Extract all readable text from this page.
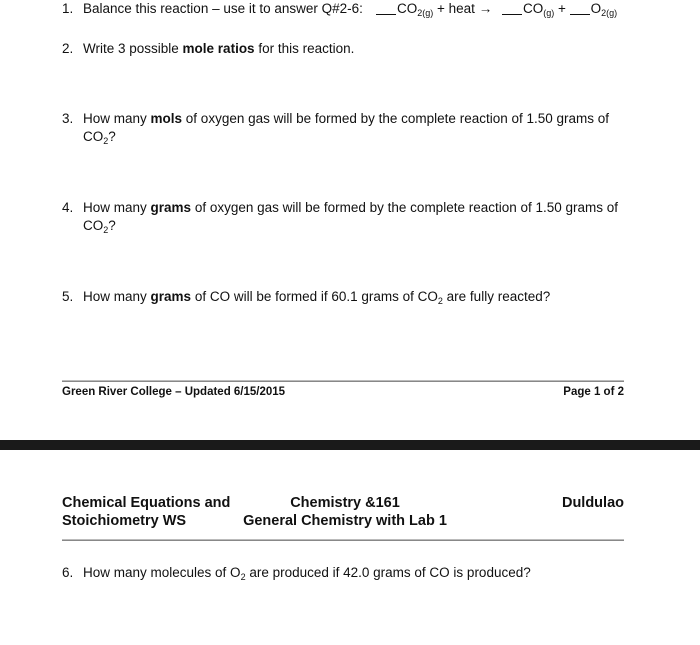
1. Balance this reaction – use it to answer Q#2-6:	$CO_{2(g)}$ + heat → $CO_{(g)} + O_{2(g)}$
2. Write 3 possible mole ratios for this reaction.
3. How many mols of oxygen gas will be formed by the complete reaction of 1.50 grams of
$CO_2$?
4. How many grams of oxygen gas will be formed by the complete reaction of 1.50 grams of
$CO_2$?
5. How many grams of CO will be formed if 60.1 grams of $CO_2$ are fully reacted?
Green River College – Updated 6/15/2015	Page 1 of 2
Chemical Equations and
Stoichiometry WS
Chemistry &161
General Chemistry with Lab 1
Duldulao
6. How many molecules of $O_2$ are produced if 42.0 grams of CO is produced?
